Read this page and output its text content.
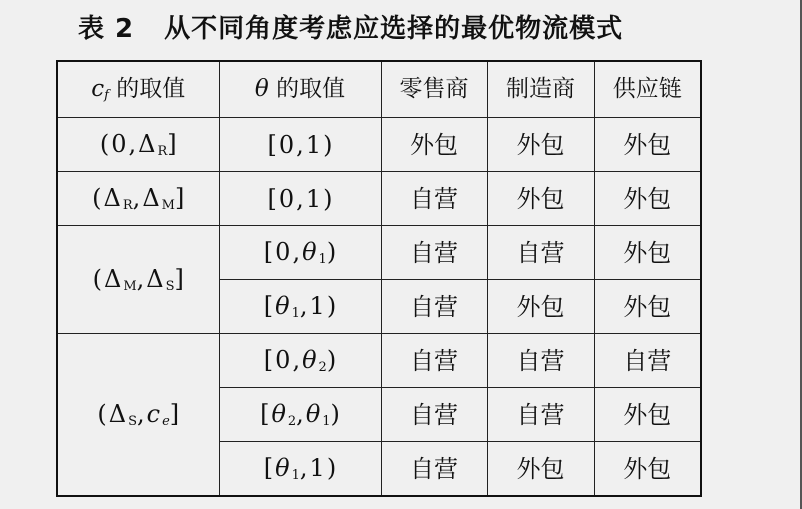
表 2 从不同角度考虑应选择的最优物流模式
$c_f$ 的取值	θ 的取值	零售商	制造商	供应链
(0,Δ $_R$]	[0,1)	外包	外包	外包
(Δ $_R$,Δ $_M$]	[0,1)	自营	外包	外包
(Δ $_M$,Δ $_S$]	[0,θ $_1$)	自营	自营	外包
	[θ $_1$,1)	自营	外包	外包
(Δ $_S$,c $_e$]	[0,θ $_2$)	自营	自营	自营
	[θ $_2$,θ $_1$)	自营	自营	外包
	[θ $_1$,1)	自营	外包	外包
